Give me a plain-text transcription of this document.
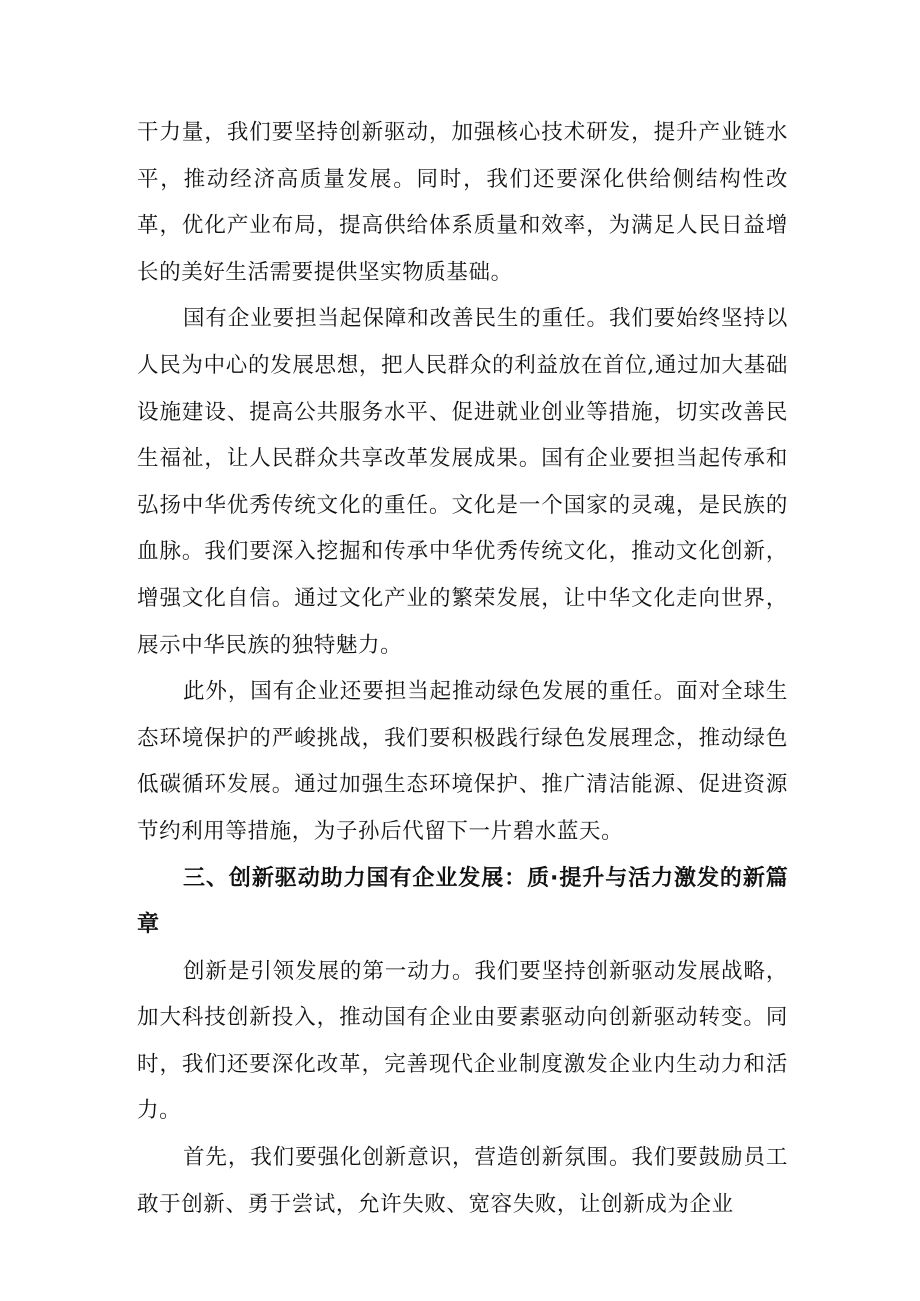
干力量，我们要坚持创新驱动，加强核心技术研发，提升产业链水平，推动经济高质量发展。同时，我们还要深化供给侧结构性改革，优化产业布局，提高供给体系质量和效率，为满足人民日益增长的美好生活需要提供坚实物质基础。

国有企业要担当起保障和改善民生的重任。我们要始终坚持以人民为中心的发展思想，把人民群众的利益放在首位,通过加大基础设施建设、提高公共服务水平、促进就业创业等措施，切实改善民生福祉，让人民群众共享改革发展成果。国有企业要担当起传承和弘扬中华优秀传统文化的重任。文化是一个国家的灵魂，是民族的血脉。我们要深入挖掘和传承中华优秀传统文化，推动文化创新，增强文化自信。通过文化产业的繁荣发展，让中华文化走向世界，展示中华民族的独特魅力。

此外，国有企业还要担当起推动绿色发展的重任。面对全球生态环境保护的严峻挑战，我们要积极践行绿色发展理念，推动绿色低碳循环发展。通过加强生态环境保护、推广清洁能源、促进资源节约利用等措施，为子孙后代留下一片碧水蓝天。

三、创新驱动助力国有企业发展：质·提升与活力激发的新篇章

创新是引领发展的第一动力。我们要坚持创新驱动发展战略，加大科技创新投入，推动国有企业由要素驱动向创新驱动转变。同时，我们还要深化改革，完善现代企业制度激发企业内生动力和活力。

首先，我们要强化创新意识，营造创新氛围。我们要鼓励员工敢于创新、勇于尝试，允许失败、宽容失败，让创新成为企业
